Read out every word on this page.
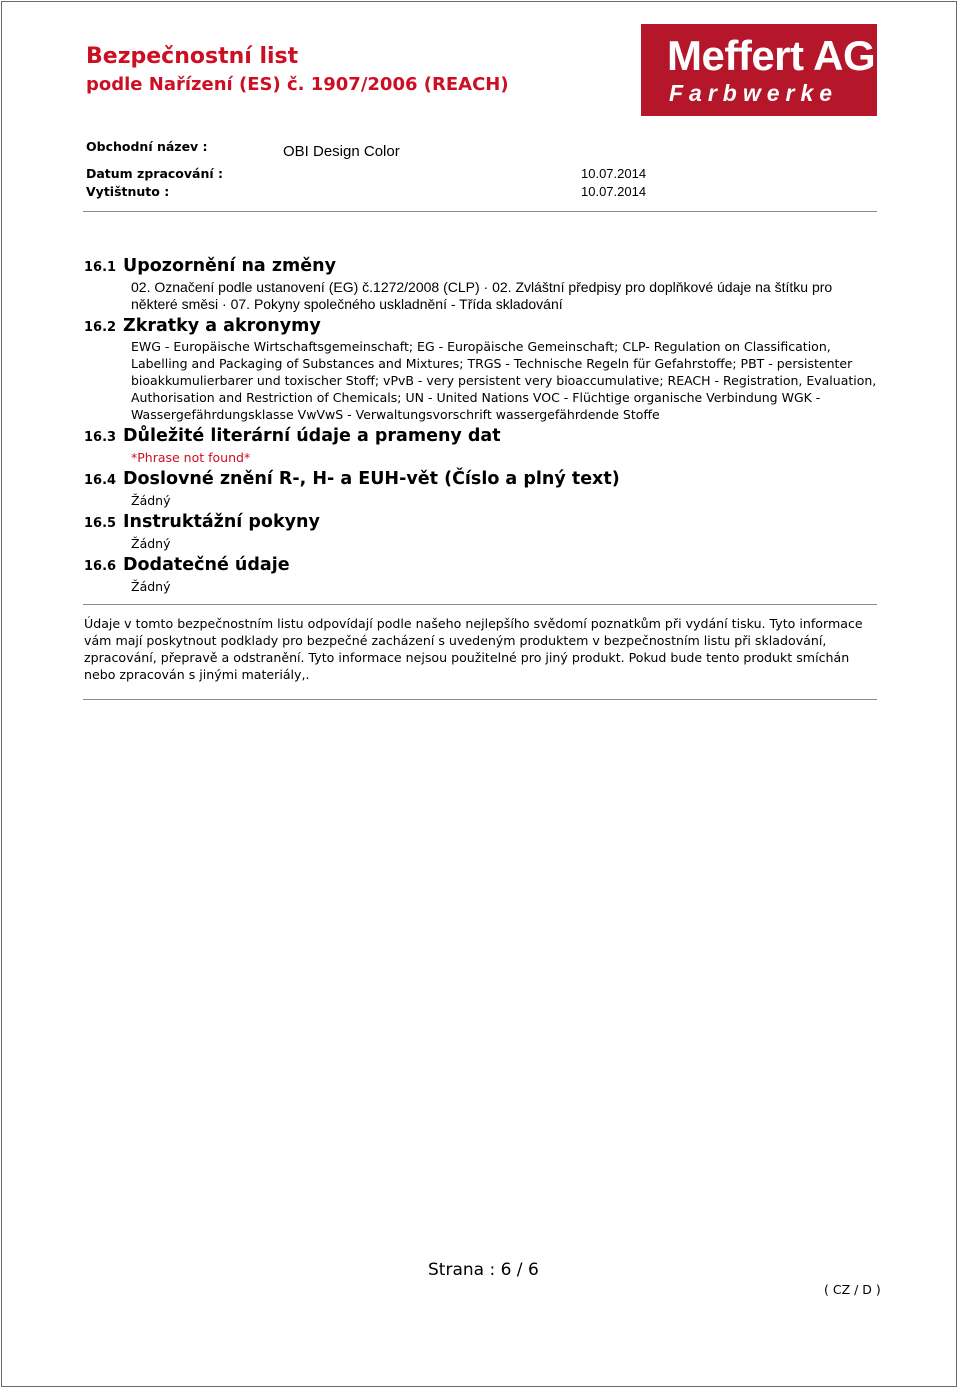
Bezpečnostní list
podle Nařízení (ES) č. 1907/2006 (REACH)
Meffert AG
Farbwerke
Obchodní název :	OBI Design Color
Datum zpracování :	10.07.2014
Vytištnuto :	10.07.2014
16.1 Upozornění na změny
02. Označení podle ustanovení (EG) č.1272/2008 (CLP) · 02. Zvláštní předpisy pro doplňkové údaje na štítku pro
některé směsi · 07. Pokyny společného uskladnění - Třída skladování
16.2 Zkratky a akronymy
EWG - Europäische Wirtschaftsgemeinschaft; EG - Europäische Gemeinschaft; CLP- Regulation on Classification,
Labelling and Packaging of Substances and Mixtures; TRGS - Technische Regeln für Gefahrstoffe; PBT - persistenter
bioakkumulierbarer und toxischer Stoff; vPvB - very persistent very bioaccumulative; REACH - Registration, Evaluation,
Authorisation and Restriction of Chemicals; UN - United Nations VOC - Flüchtige organische Verbindung WGK -
Wassergefährdungsklasse VwVwS - Verwaltungsvorschrift wassergefährdende Stoffe
16.3 Důležité literární údaje a prameny dat
*Phrase not found*
16.4 Doslovné znění R-, H- a EUH-vět (Číslo a plný text)
Žádný
16.5 Instruktážní pokyny
Žádný
16.6 Dodatečné údaje
Žádný
Údaje v tomto bezpečnostním listu odpovídají podle našeho nejlepšího svědomí poznatkům při vydání tisku. Tyto informace vám mají poskytnout podklady pro bezpečné zacházení s uvedeným produktem v bezpečnostním listu při skladování, zpracování, přepravě a odstranění. Tyto informace nejsou použitelné pro jiný produkt. Pokud bude tento produkt smíchán nebo zpracován s jinými materiály,.
Strana : 6 / 6
( CZ / D )
